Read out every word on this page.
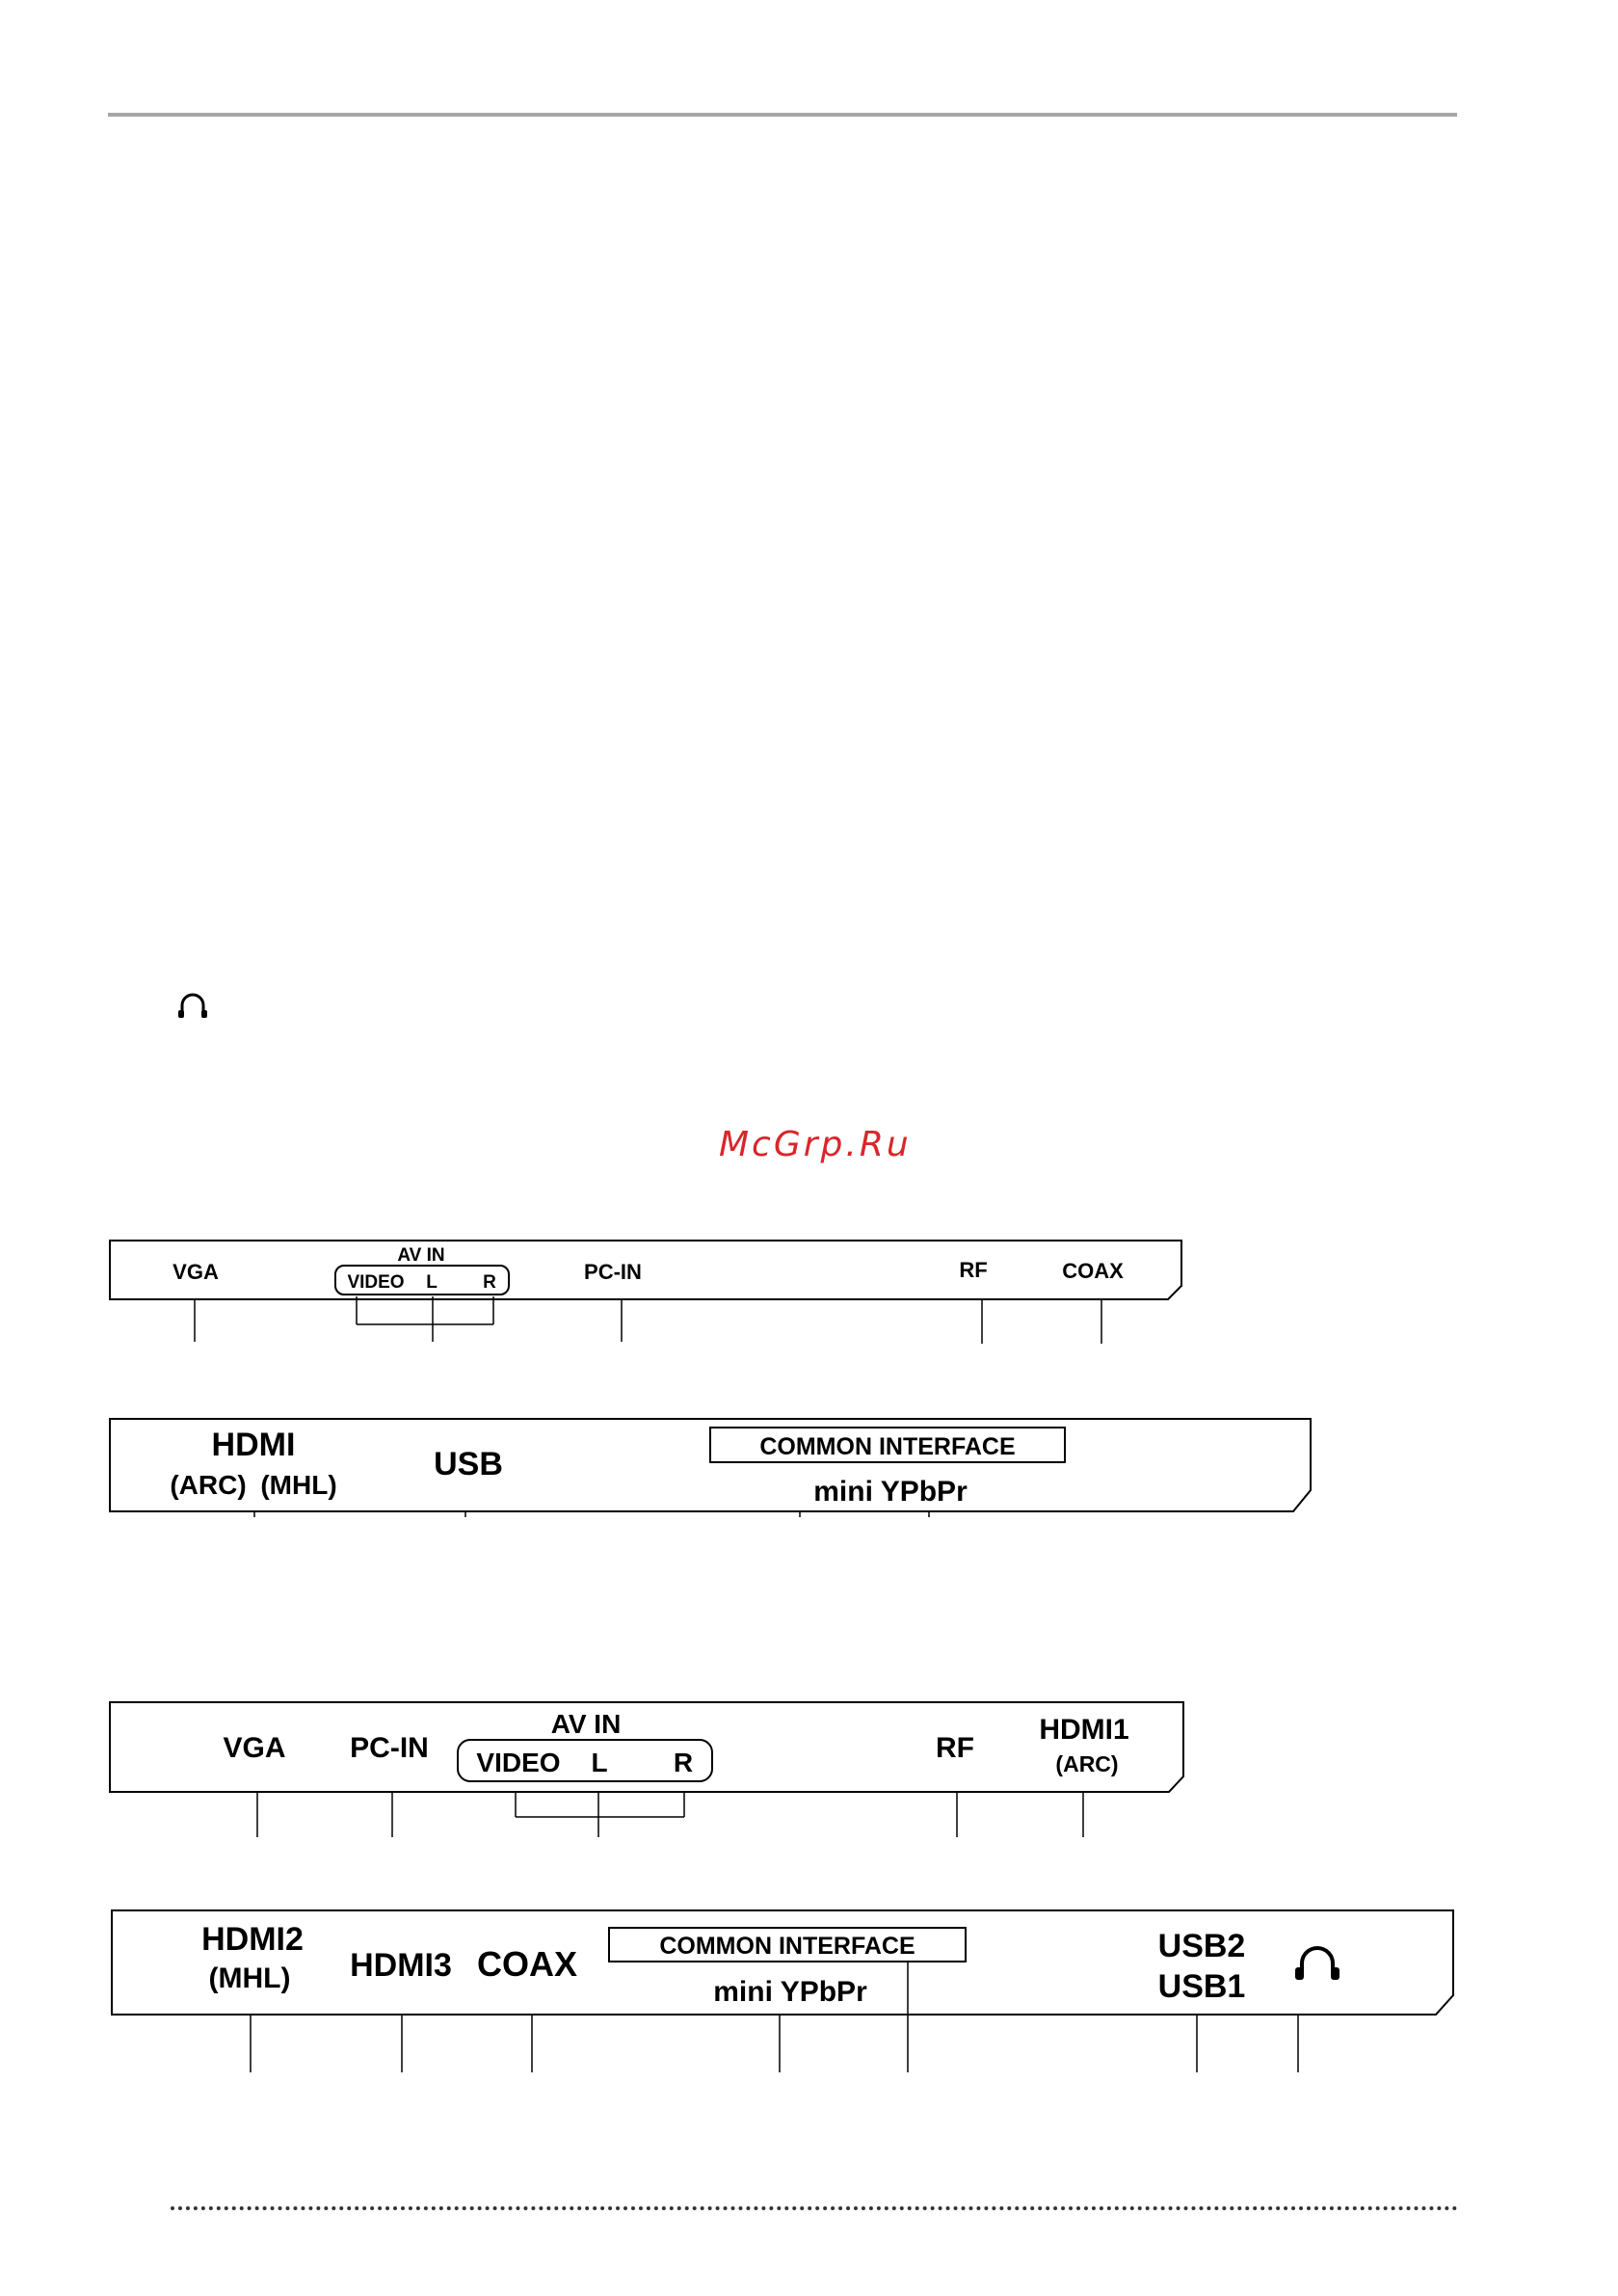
McGrp.Ru
VGA
AV IN
VIDEO L R	PC-IN	RF	COAX
HDMI
(ARC) (MHL)
USB	COMMON INTERFACE
mini YPbPr
VGA PC-IN
AV IN
VIDEO L R	RF
HDMI1
(ARC)
HDMI2
(MHL) HDMI3 COAX	COMMON INTERFACE
mini YPbPr
USB2
USB1
